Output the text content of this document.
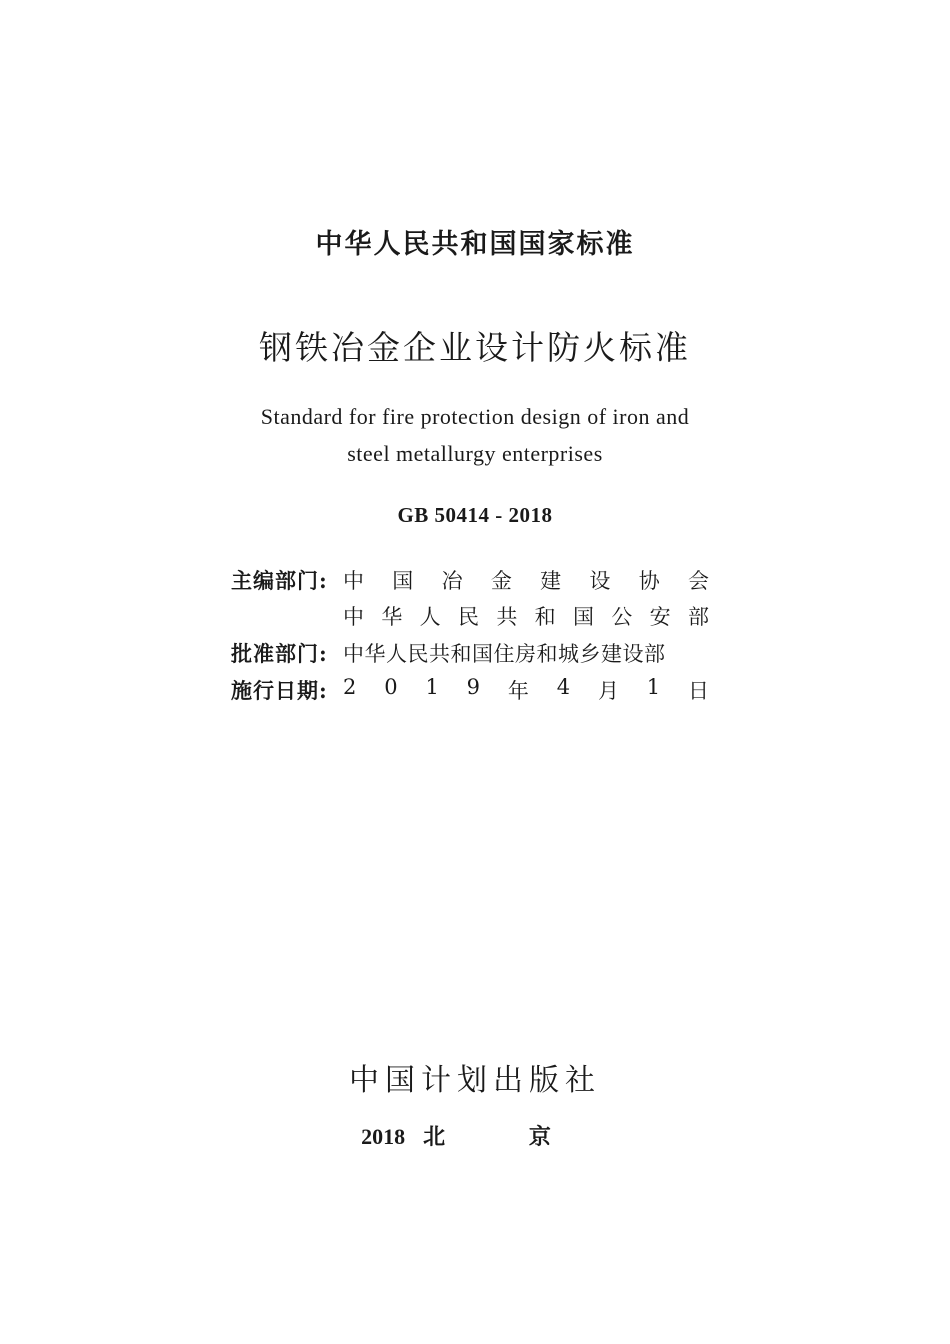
中华人民共和国国家标准
钢铁冶金企业设计防火标准
Standard for fire protection design of iron and
steel metallurgy enterprises
GB 50414 - 2018
主编部门: 中 国 冶 金 建 设 协 会
中 华 人 民 共 和 国 公 安 部
批准部门: 中华人民共和国住房和城乡建设部
施行日期: 2 0 1 9 年 4 月 1 日
中国计划出版社
2018 北 京
